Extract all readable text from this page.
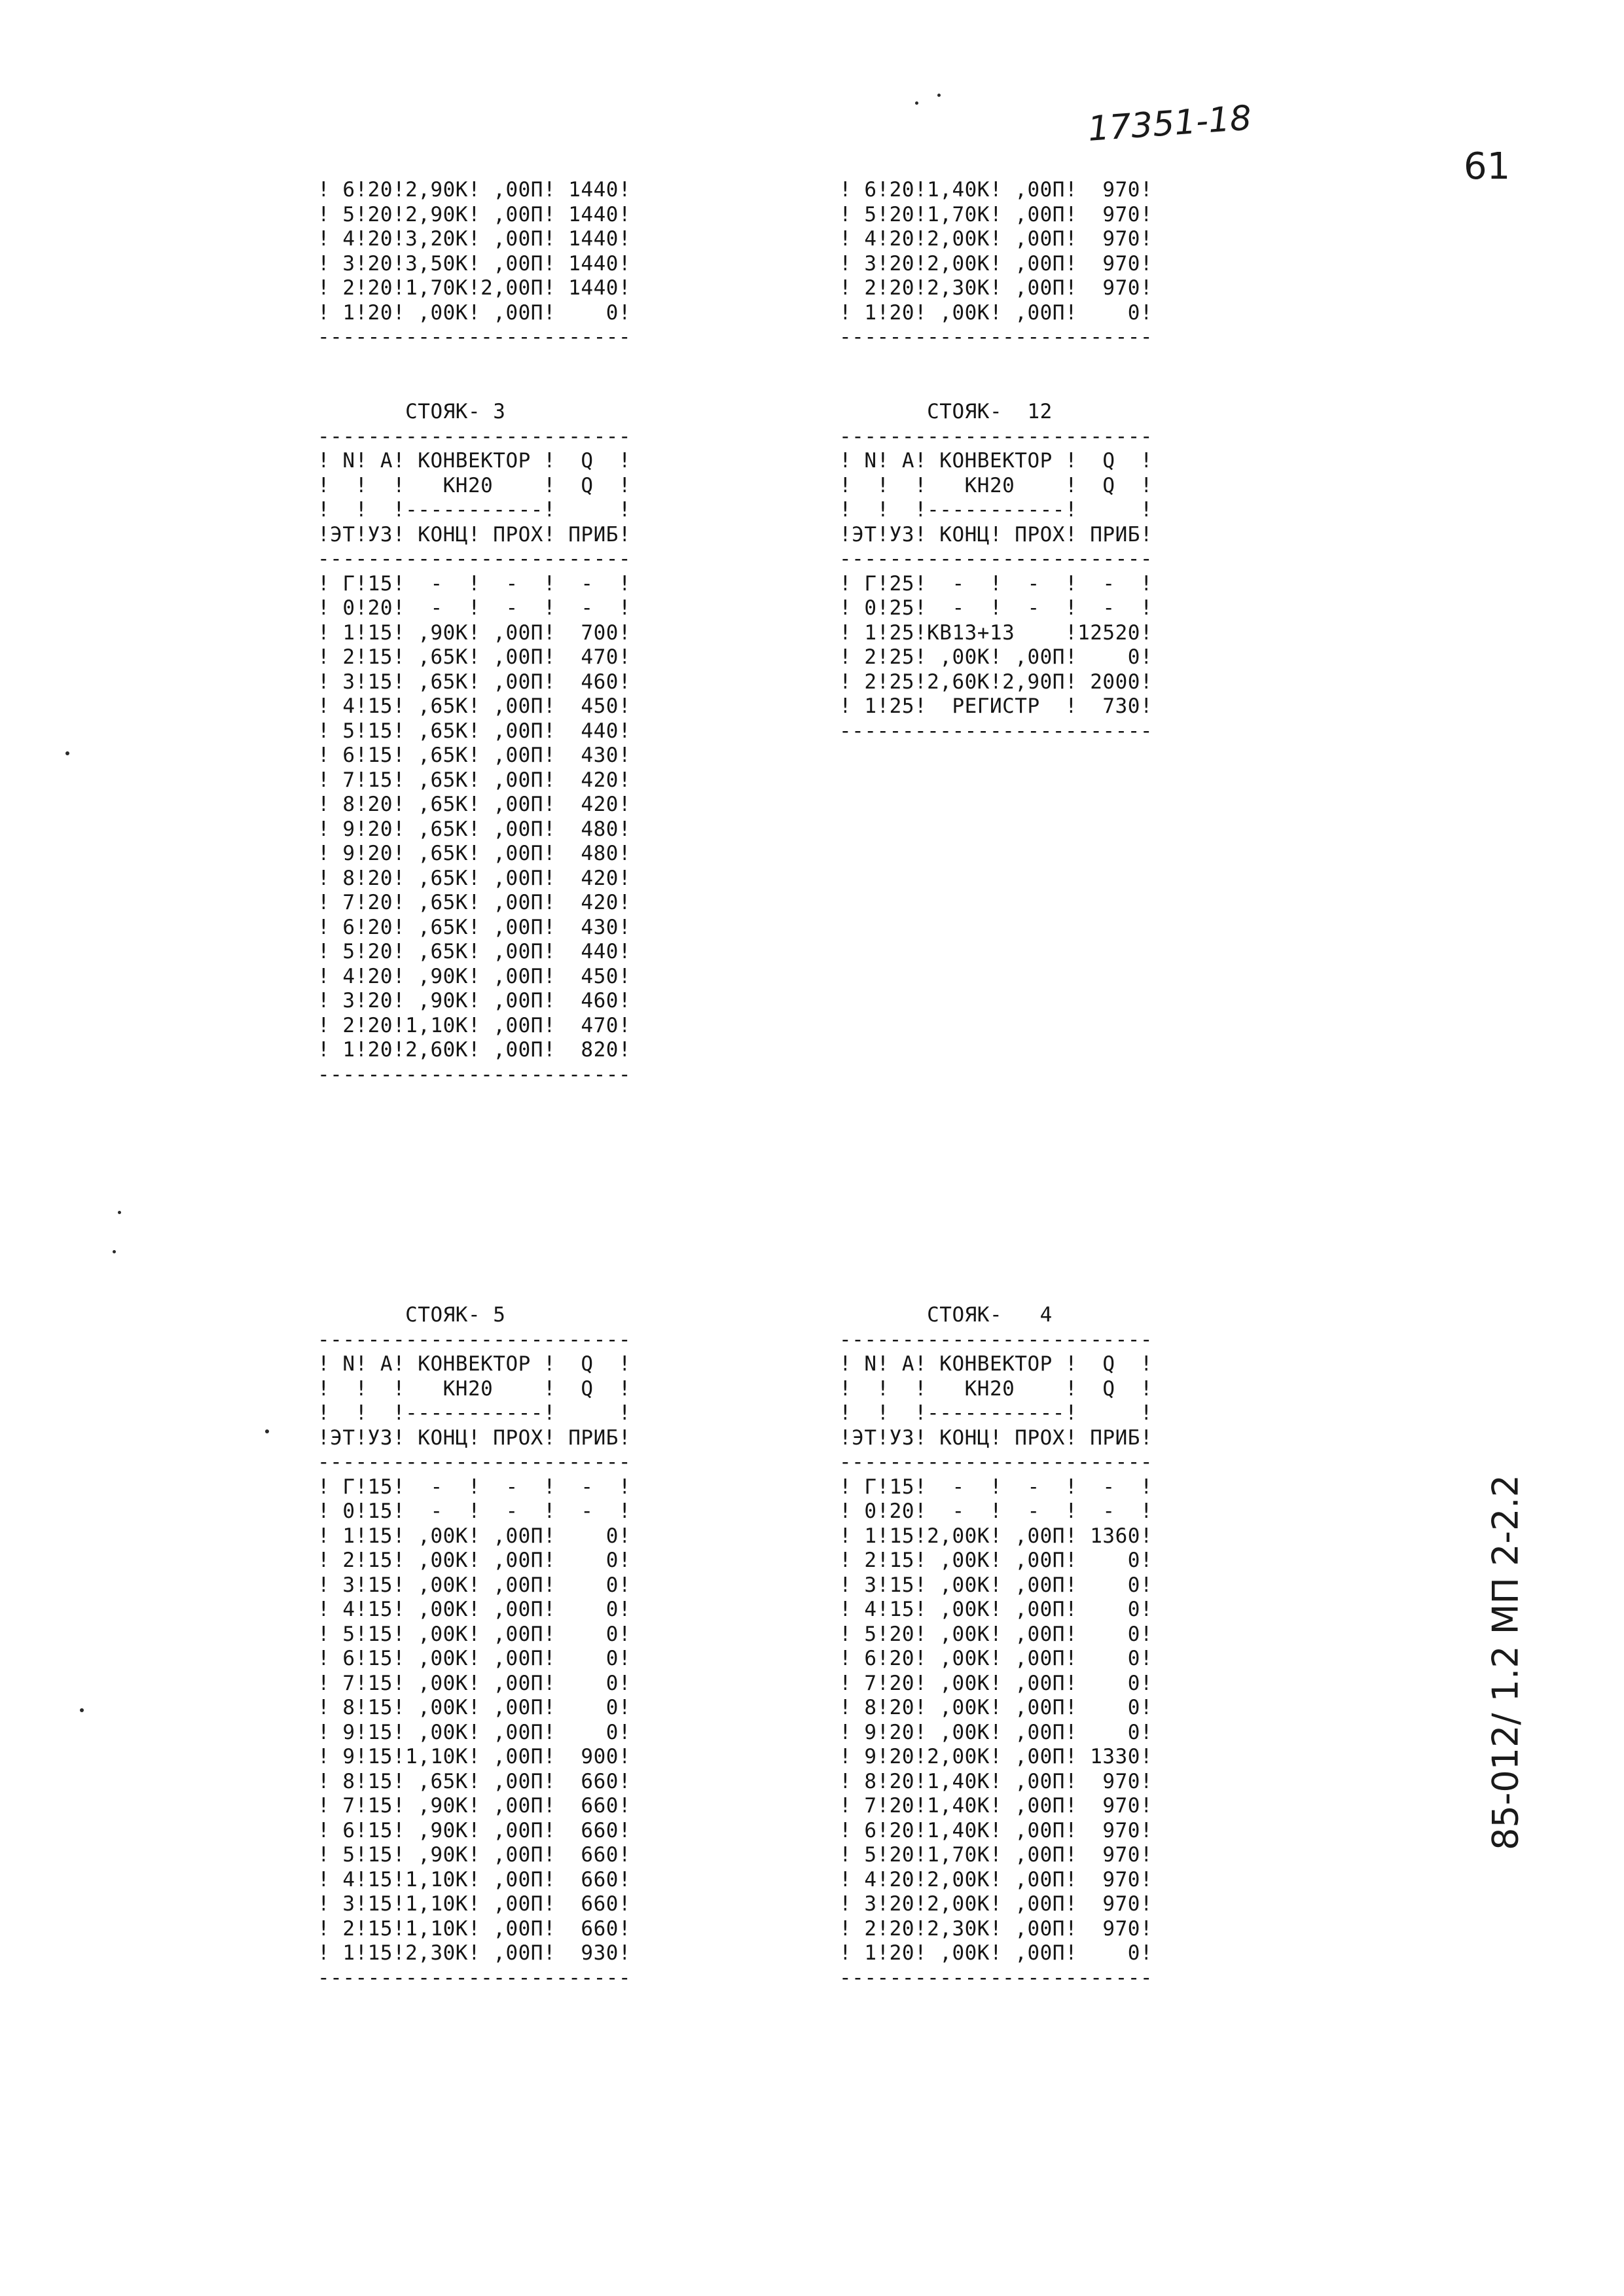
17351-18
61
85-012/ 1.2 МП 2-2.2
! 6!20!2,90К! ,00П! 1440!
! 5!20!2,90К! ,00П! 1440!
! 4!20!3,20К! ,00П! 1440!
! 3!20!3,50К! ,00П! 1440!
! 2!20!1,70К!2,00П! 1440!
! 1!20! ,00К! ,00П!    0!
-------------------------
! 6!20!1,40К! ,00П!  970!
! 5!20!1,70К! ,00П!  970!
! 4!20!2,00К! ,00П!  970!
! 3!20!2,00К! ,00П!  970!
! 2!20!2,30К! ,00П!  970!
! 1!20! ,00К! ,00П!    0!
-------------------------
СТОЯК- 3
-------------------------
! N! А! КОНВЕКТОР !  Q  !
!  !  !   КН20    !  Q  !
!  !  !-----------!     !
!ЭТ!УЗ! КОНЦ! ПРОХ! ПРИБ!
-------------------------
! Г!15!  -  !  -  !  -  !
! 0!20!  -  !  -  !  -  !
! 1!15! ,90К! ,00П!  700!
! 2!15! ,65К! ,00П!  470!
! 3!15! ,65К! ,00П!  460!
! 4!15! ,65К! ,00П!  450!
! 5!15! ,65К! ,00П!  440!
! 6!15! ,65К! ,00П!  430!
! 7!15! ,65К! ,00П!  420!
! 8!20! ,65К! ,00П!  420!
! 9!20! ,65К! ,00П!  480!
! 9!20! ,65К! ,00П!  480!
! 8!20! ,65К! ,00П!  420!
! 7!20! ,65К! ,00П!  420!
! 6!20! ,65К! ,00П!  430!
! 5!20! ,65К! ,00П!  440!
! 4!20! ,90К! ,00П!  450!
! 3!20! ,90К! ,00П!  460!
! 2!20!1,10К! ,00П!  470!
! 1!20!2,60К! ,00П!  820!
-------------------------
СТОЯК-  12
-------------------------
! N! А! КОНВЕКТОР !  Q  !
!  !  !   КН20    !  Q  !
!  !  !-----------!     !
!ЭТ!УЗ! КОНЦ! ПРОХ! ПРИБ!
-------------------------
! Г!25!  -  !  -  !  -  !
! 0!25!  -  !  -  !  -  !
! 1!25!КВ13+13    !12520!
! 2!25! ,00К! ,00П!    0!
! 2!25!2,60К!2,90П! 2000!
! 1!25!  РЕГИСТР  !  730!
-------------------------
СТОЯК- 5
-------------------------
! N! А! КОНВЕКТОР !  Q  !
!  !  !   КН20    !  Q  !
!  !  !-----------!     !
!ЭТ!УЗ! КОНЦ! ПРОХ! ПРИБ!
-------------------------
! Г!15!  -  !  -  !  -  !
! 0!15!  -  !  -  !  -  !
! 1!15! ,00К! ,00П!    0!
! 2!15! ,00К! ,00П!    0!
! 3!15! ,00К! ,00П!    0!
! 4!15! ,00К! ,00П!    0!
! 5!15! ,00К! ,00П!    0!
! 6!15! ,00К! ,00П!    0!
! 7!15! ,00К! ,00П!    0!
! 8!15! ,00К! ,00П!    0!
! 9!15! ,00К! ,00П!    0!
! 9!15!1,10К! ,00П!  900!
! 8!15! ,65К! ,00П!  660!
! 7!15! ,90К! ,00П!  660!
! 6!15! ,90К! ,00П!  660!
! 5!15! ,90К! ,00П!  660!
! 4!15!1,10К! ,00П!  660!
! 3!15!1,10К! ,00П!  660!
! 2!15!1,10К! ,00П!  660!
! 1!15!2,30К! ,00П!  930!
-------------------------
СТОЯК-   4
-------------------------
! N! А! КОНВЕКТОР !  Q  !
!  !  !   КН20    !  Q  !
!  !  !-----------!     !
!ЭТ!УЗ! КОНЦ! ПРОХ! ПРИБ!
-------------------------
! Г!15!  -  !  -  !  -  !
! 0!20!  -  !  -  !  -  !
! 1!15!2,00К! ,00П! 1360!
! 2!15! ,00К! ,00П!    0!
! 3!15! ,00К! ,00П!    0!
! 4!15! ,00К! ,00П!    0!
! 5!20! ,00К! ,00П!    0!
! 6!20! ,00К! ,00П!    0!
! 7!20! ,00К! ,00П!    0!
! 8!20! ,00К! ,00П!    0!
! 9!20! ,00К! ,00П!    0!
! 9!20!2,00К! ,00П! 1330!
! 8!20!1,40К! ,00П!  970!
! 7!20!1,40К! ,00П!  970!
! 6!20!1,40К! ,00П!  970!
! 5!20!1,70К! ,00П!  970!
! 4!20!2,00К! ,00П!  970!
! 3!20!2,00К! ,00П!  970!
! 2!20!2,30К! ,00П!  970!
! 1!20! ,00К! ,00П!    0!
-------------------------
